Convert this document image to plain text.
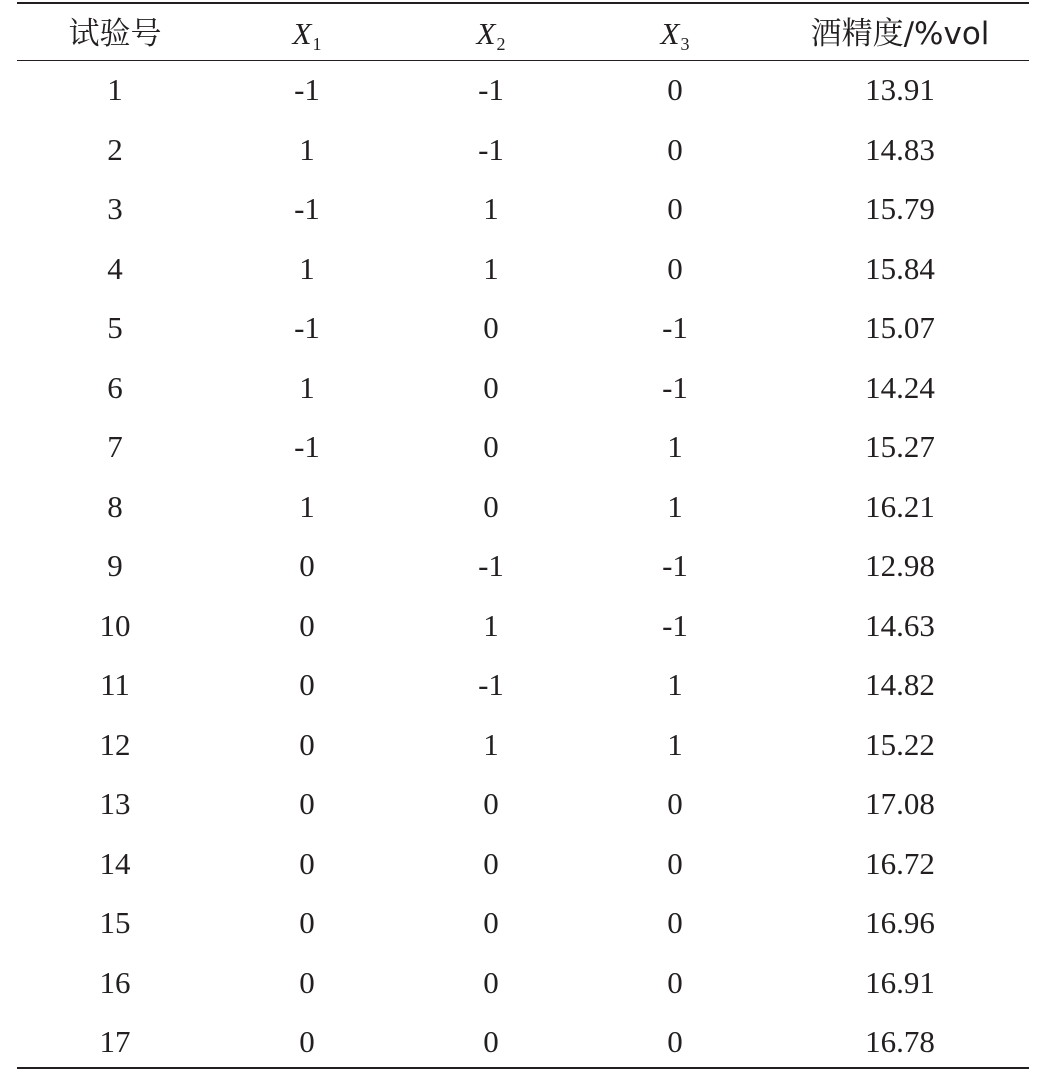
试验号	X1	X2	X3	酒精度/%vol
1	-1	-1	0	13.91
2	1	-1	0	14.83
3	-1	1	0	15.79
4	1	1	0	15.84
5	-1	0	-1	15.07
6	1	0	-1	14.24
7	-1	0	1	15.27
8	1	0	1	16.21
9	0	-1	-1	12.98
10	0	1	-1	14.63
11	0	-1	1	14.82
12	0	1	1	15.22
13	0	0	0	17.08
14	0	0	0	16.72
15	0	0	0	16.96
16	0	0	0	16.91
17	0	0	0	16.78
